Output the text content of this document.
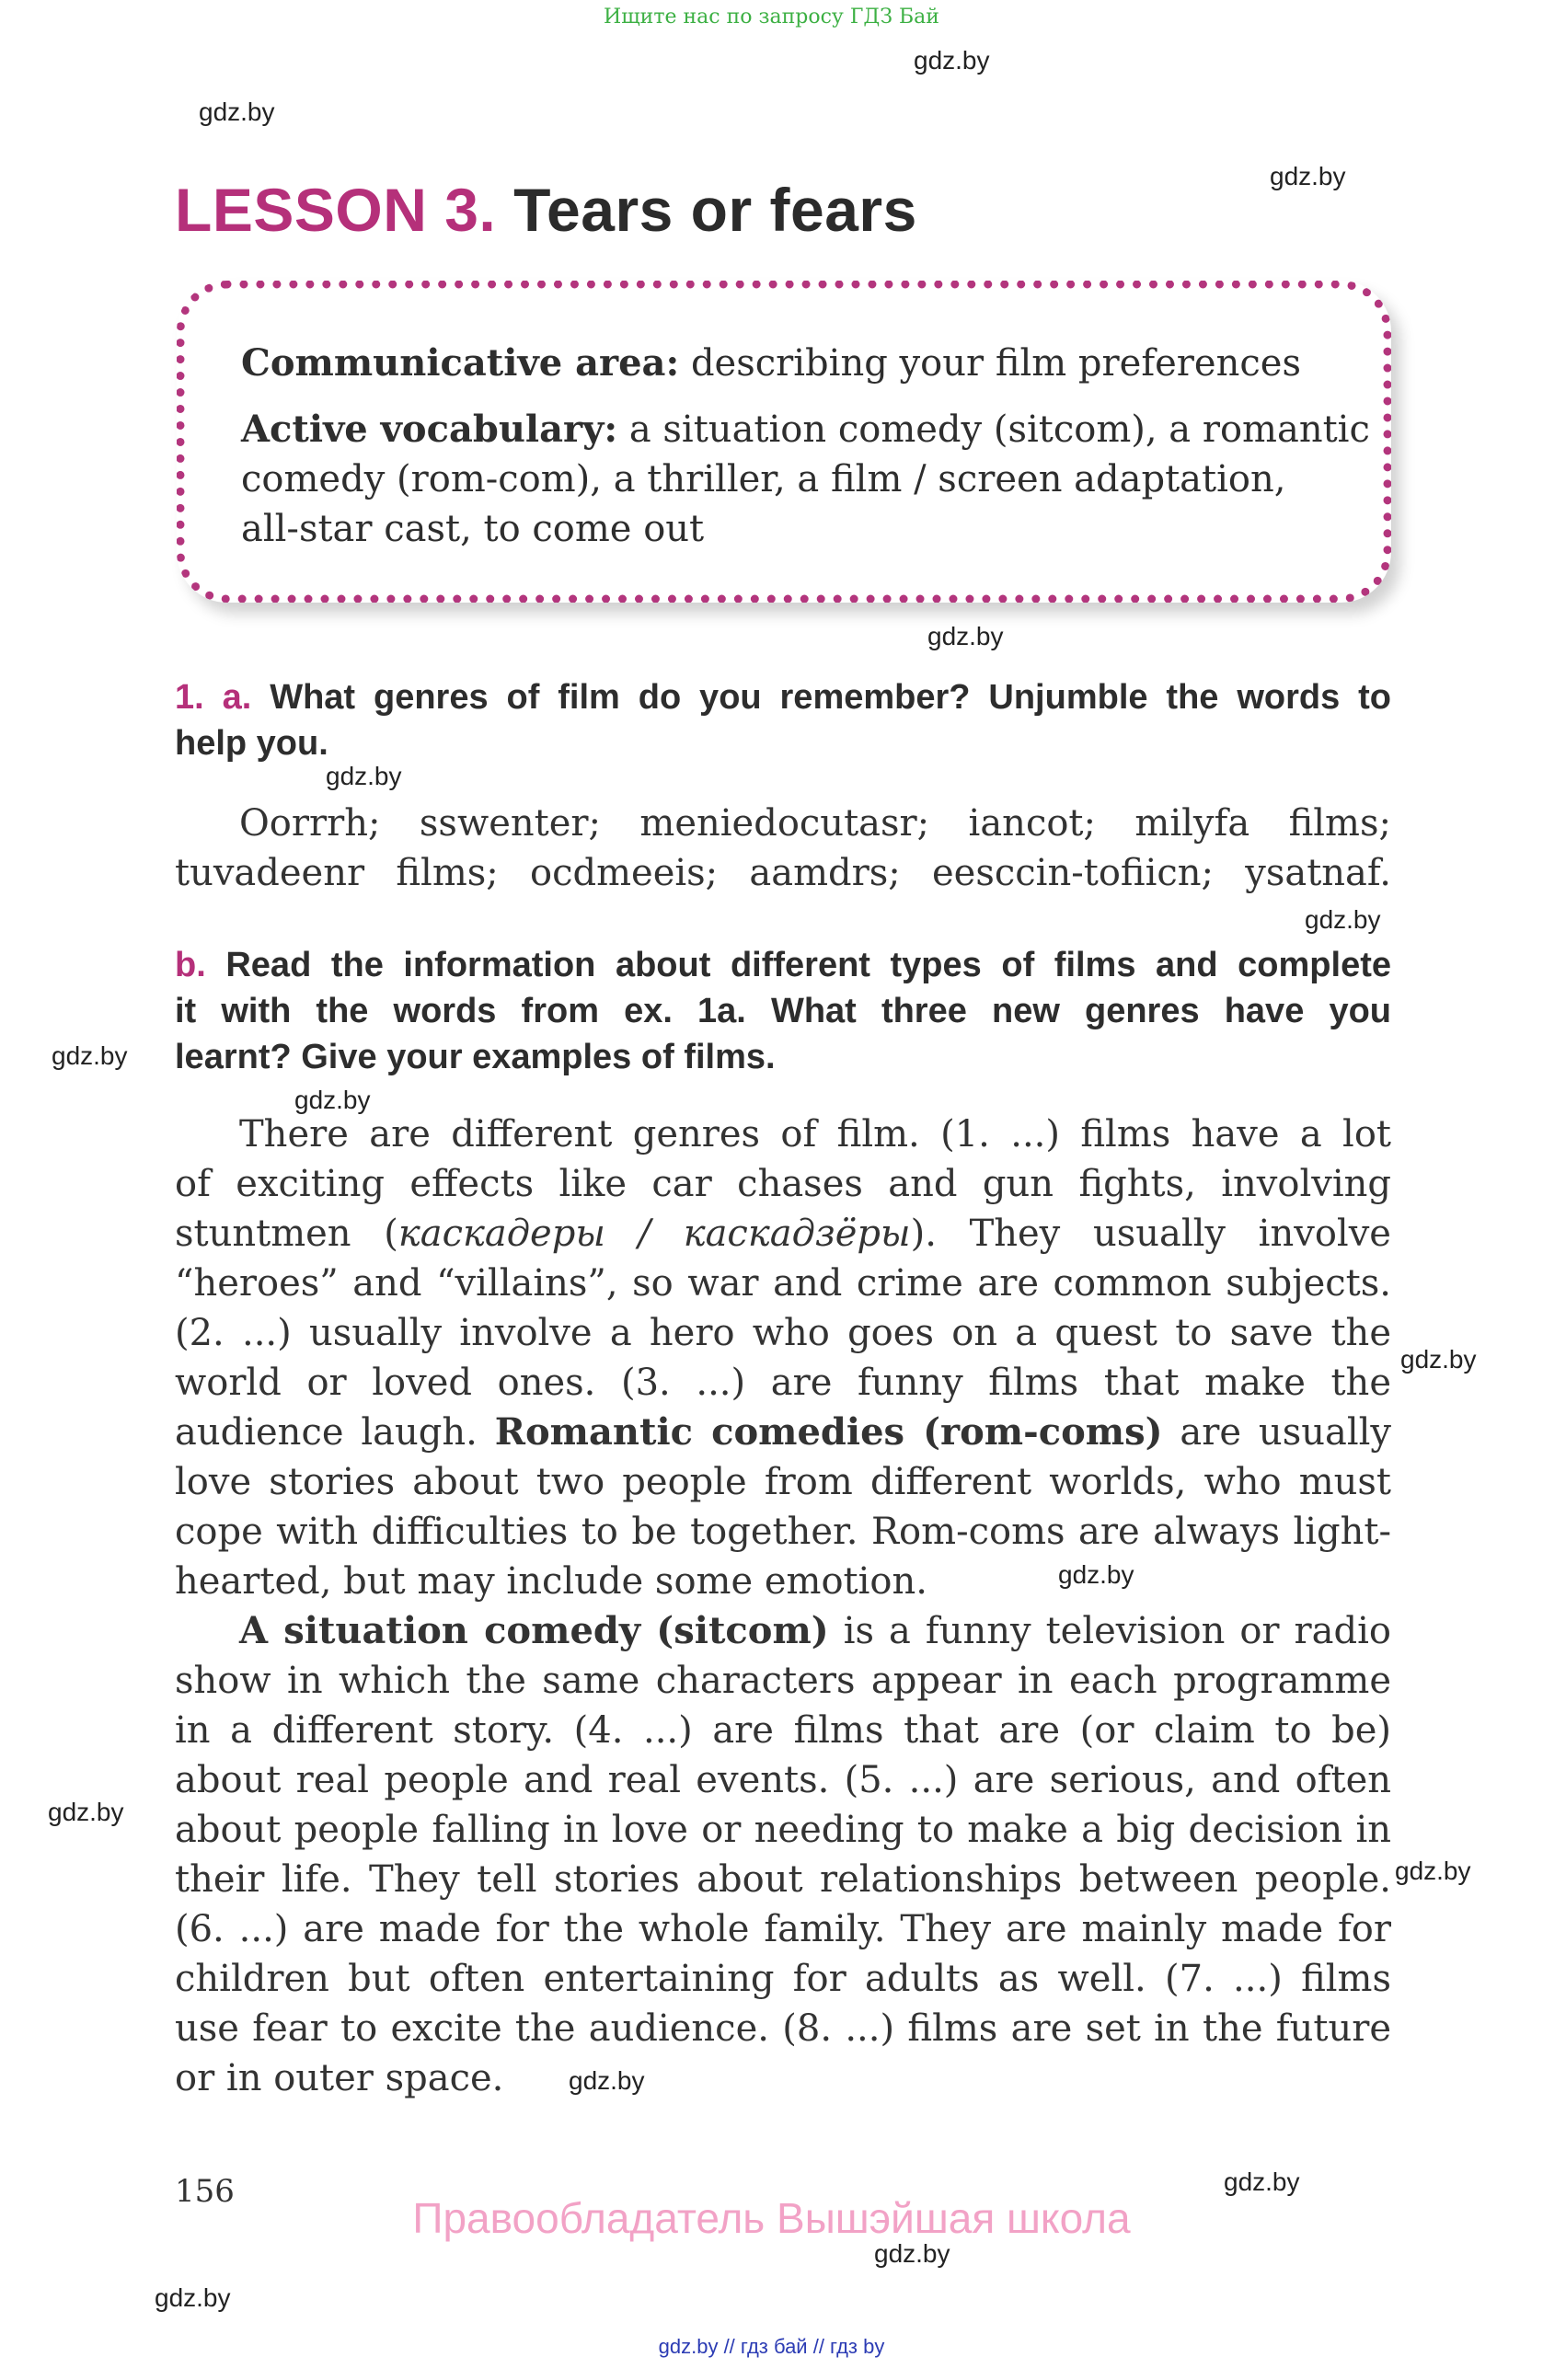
Ищите нас по запросу ГДЗ Бай
gdz.by
gdz.by
gdz.by
gdz.by
gdz.by
gdz.by
gdz.by
gdz.by
gdz.by
gdz.by
gdz.by
gdz.by
gdz.by
gdz.by
gdz.by
gdz.by
LESSON 3. Tears or fears
Communicative area: describing your film preferences
Active vocabulary: a situation comedy (sitcom), a romantic
comedy (rom-com), a thriller, a film / screen adaptation,
all-star cast, to come out
1. a. What genres of film do you remember? Unjumble the words to
help you.
Oorrrh; sswenter; meniedocutasr; iancot; milyfa films;
tuvadeenr films; ocdmeeis; aamdrs; eesccin-tofiicn; ysatnaf.
b. Read the information about different types of films and complete
it with the words from ex. 1a. What three new genres have you
learnt? Give your examples of films.
There are different genres of film. (1. ...) films have a lot
of exciting effects like car chases and gun fights, involving
stuntmen (каскадеры / каскадзёры). They usually involve
“heroes” and “villains”, so war and crime are common subjects.
(2. ...) usually involve a hero who goes on a quest to save the
world or loved ones. (3. ...) are funny films that make the
audience laugh. Romantic comedies (rom-coms) are usually
love stories about two people from different worlds, who must
cope with difficulties to be together. Rom-coms are always light-
hearted, but may include some emotion.
A situation comedy (sitcom) is a funny television or radio
show in which the same characters appear in each programme
in a different story. (4. ...) are films that are (or claim to be)
about real people and real events. (5. ...) are serious, and often
about people falling in love or needing to make a big decision in
their life. They tell stories about relationships between people.
(6. ...) are made for the whole family. They are mainly made for
children but often entertaining for adults as well. (7. ...) films
use fear to excite the audience. (8. ...) films are set in the future
or in outer space.
156
Правообладатель Вышэйшая школа
gdz.by // гдз бай // гдз by
